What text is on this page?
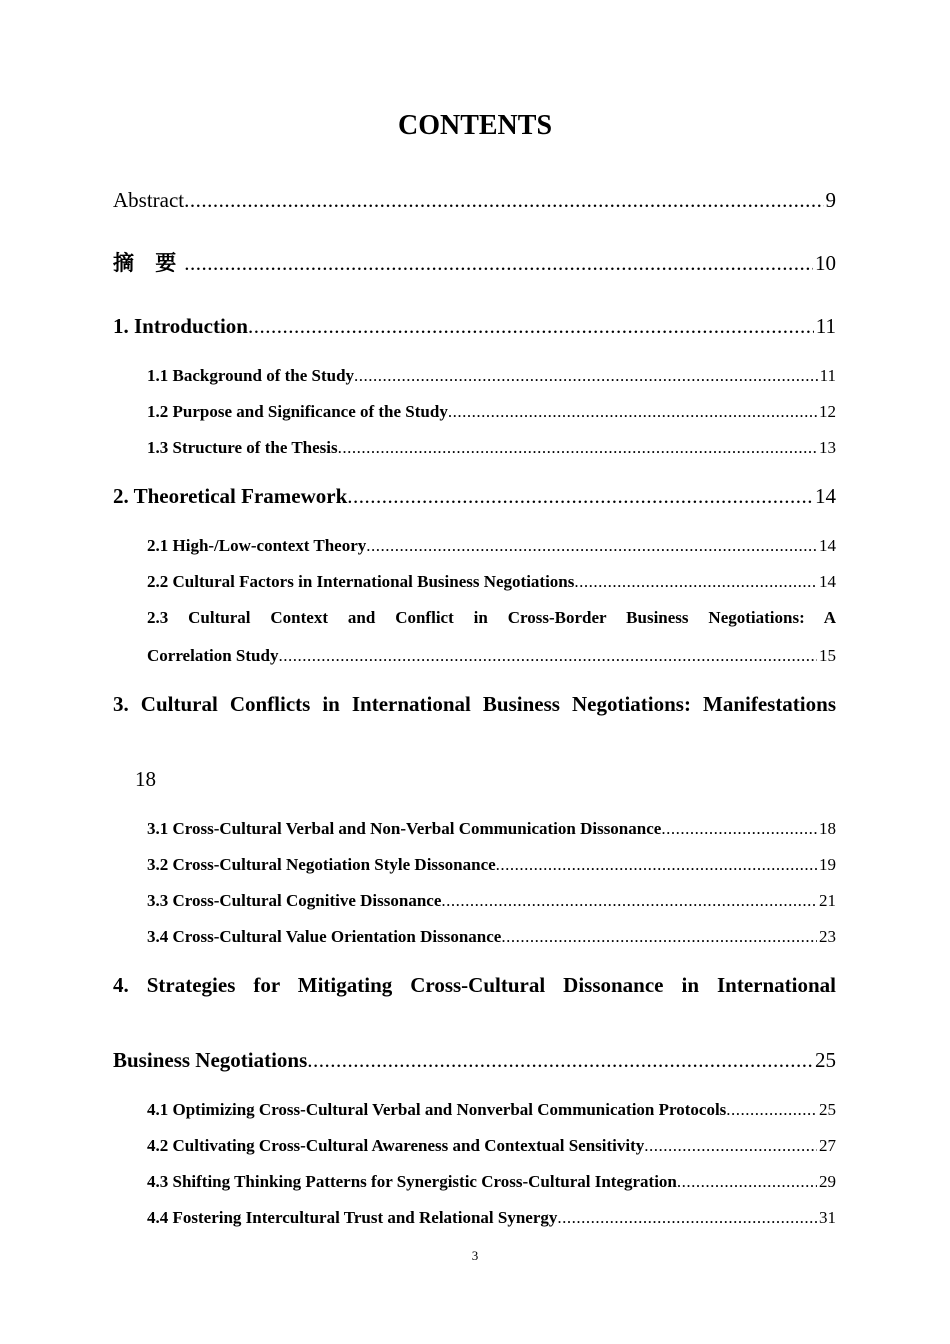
CONTENTS
Abstract .....	9
摘 要 .....	10
1. Introduction .....	11
1.1 Background of the Study .....	11
1.2 Purpose and Significance of the Study .....	12
1.3 Structure of the Thesis .....	13
2. Theoretical Framework .....	14
2.1 High-/Low-context Theory .....	14
2.2 Cultural Factors in International Business Negotiations .....	14
2.3 Cultural Context and Conflict in Cross-Border Business Negotiations: A
Correlation Study .....	15
3. Cultural Conflicts in International Business Negotiations: Manifestations
18
3.1 Cross-Cultural Verbal and Non-Verbal Communication Dissonance .....	18
3.2 Cross-Cultural Negotiation Style Dissonance .....	19
3.3 Cross-Cultural Cognitive Dissonance .....	21
3.4 Cross-Cultural Value Orientation Dissonance .....	23
4. Strategies for Mitigating Cross-Cultural Dissonance in International
Business Negotiations .....	25
4.1 Optimizing Cross-Cultural Verbal and Nonverbal Communication Protocols .....	25
4.2 Cultivating Cross-Cultural Awareness and Contextual Sensitivity .....	27
4.3 Shifting Thinking Patterns for Synergistic Cross-Cultural Integration .....	29
4.4 Fostering Intercultural Trust and Relational Synergy .....	31
3
